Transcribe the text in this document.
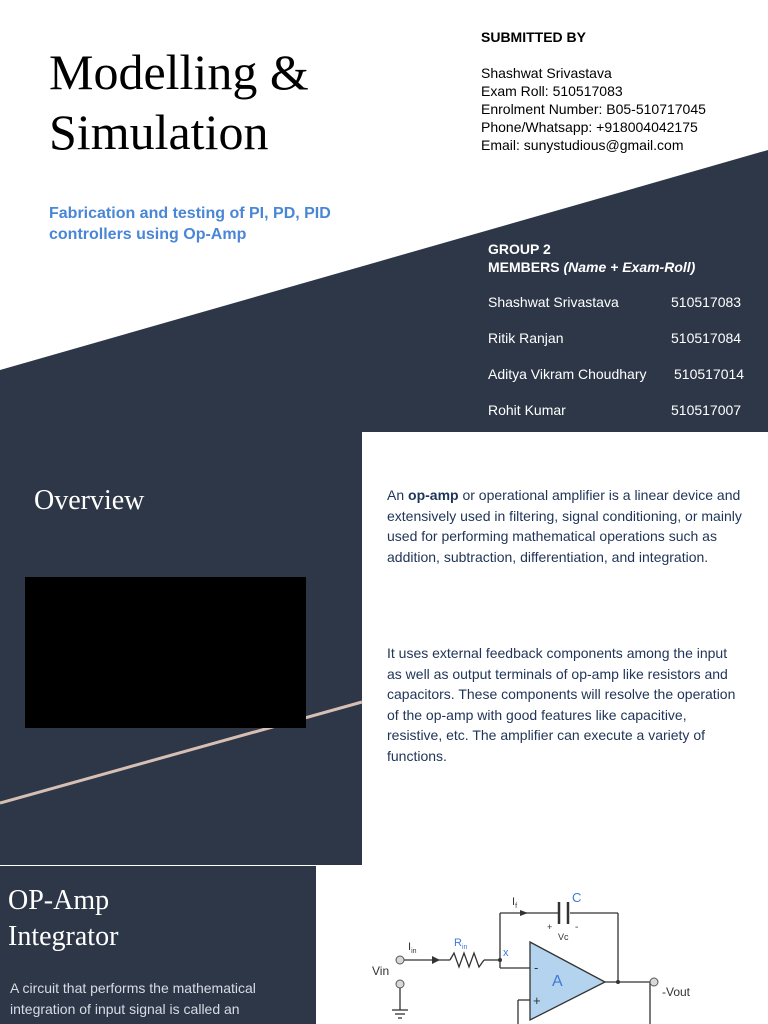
Modelling &
Simulation
Fabrication and testing of PI, PD, PID controllers using Op-Amp
SUBMITTED BY
Shashwat Srivastava
Exam Roll: 510517083
Enrolment Number: B05-510717045
Phone/Whatsapp: +918004042175
Email: sunystudious@gmail.com
GROUP 2
MEMBERS (Name + Exam-Roll)
Shashwat Srivastava	510517083
Ritik Ranjan	510517084
Aditya Vikram Choudhary 510517014
Rohit Kumar	510517007
Overview	An op-amp or operational amplifier is a linear device and extensively used in filtering, signal conditioning, or mainly used for performing mathematical operations such as addition, subtraction, differentiation, and integration.
It uses external feedback components among the input as well as output terminals of op-amp like resistors and capacitors. These components will resolve the operation of the op-amp with good features like capacitive, resistive, etc. The amplifier can execute a variety of functions.
OP-Amp
Integrator
A circuit that performs the mathematical integration of input signal is called an
$I_f$
C
+ -
Vc
$I_{in}$
$R_{in}$	x
Vin
A
-
+
-Vout
